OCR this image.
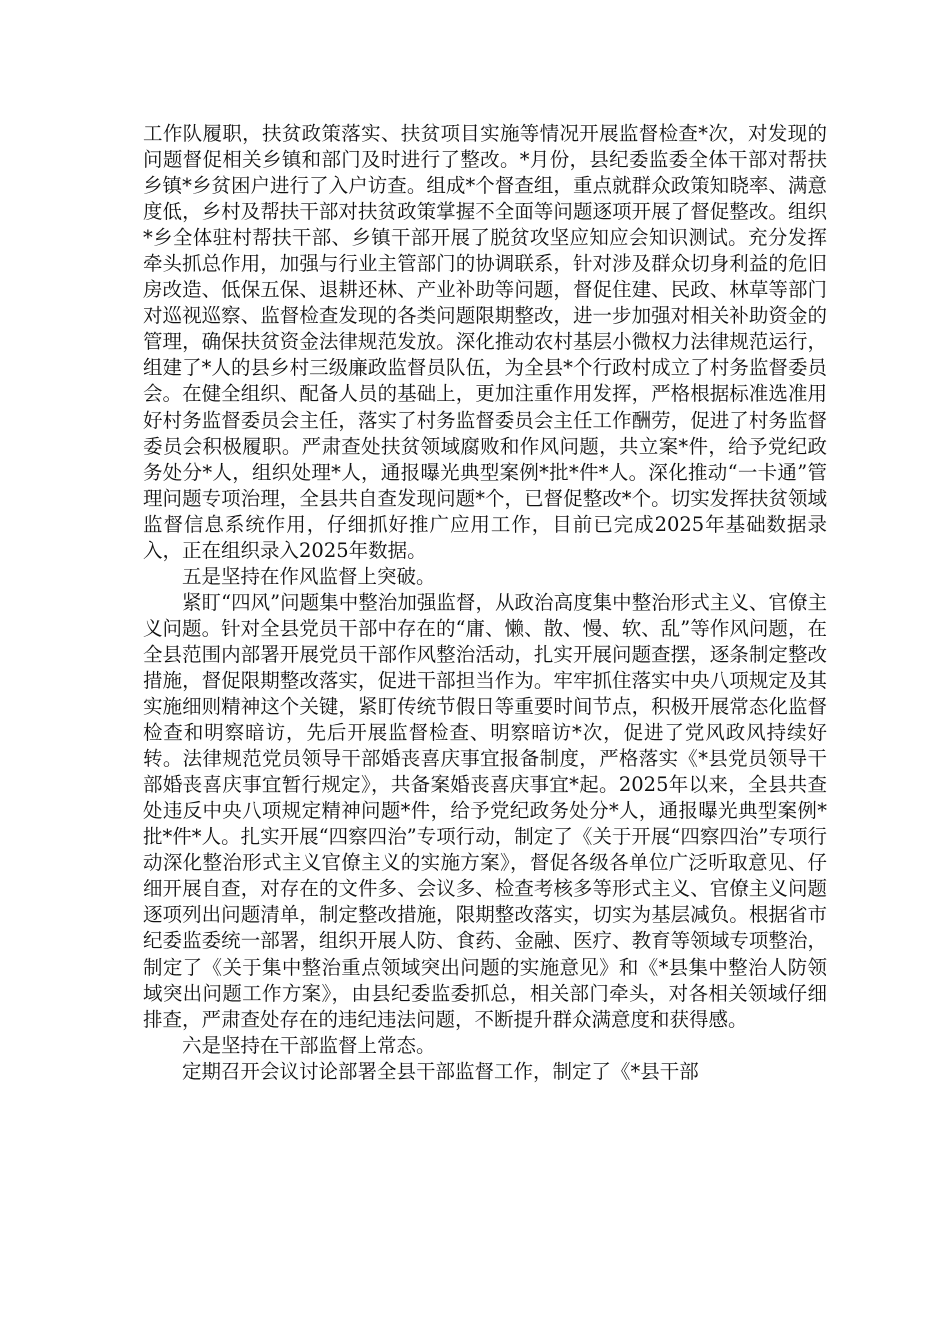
工作队履职，扶贫政策落实、扶贫项目实施等情况开展监督检查*次，对发现的问题督促相关乡镇和部门及时进行了整改。*月份，县纪委监委全体干部对帮扶乡镇*乡贫困户进行了入户访查。组成*个督查组，重点就群众政策知晓率、满意度低，乡村及帮扶干部对扶贫政策掌握不全面等问题逐项开展了督促整改。组织*乡全体驻村帮扶干部、乡镇干部开展了脱贫攻坚应知应会知识测试。充分发挥牵头抓总作用，加强与行业主管部门的协调联系，针对涉及群众切身利益的危旧房改造、低保五保、退耕还林、产业补助等问题，督促住建、民政、林草等部门对巡视巡察、监督检查发现的各类问题限期整改，进一步加强对相关补助资金的管理，确保扶贫资金法律规范发放。深化推动农村基层小微权力法律规范运行，组建了*人的县乡村三级廉政监督员队伍，为全县*个行政村成立了村务监督委员会。在健全组织、配备人员的基础上，更加注重作用发挥，严格根据标准选准用好村务监督委员会主任，落实了村务监督委员会主任工作酬劳，促进了村务监督委员会积极履职。严肃查处扶贫领域腐败和作风问题，共立案*件，给予党纪政务处分*人，组织处理*人，通报曝光典型案例*批*件*人。深化推动“一卡通”管理问题专项治理，全县共自查发现问题*个，已督促整改*个。切实发挥扶贫领域监督信息系统作用，仔细抓好推广应用工作，目前已完成2025年基础数据录入，正在组织录入2025年数据。

五是坚持在作风监督上突破。

紧盯“四风”问题集中整治加强监督，从政治高度集中整治形式主义、官僚主义问题。针对全县党员干部中存在的“庸、懒、散、慢、软、乱”等作风问题，在全县范围内部署开展党员干部作风整治活动，扎实开展问题查摆，逐条制定整改措施，督促限期整改落实，促进干部担当作为。牢牢抓住落实中央八项规定及其实施细则精神这个关键，紧盯传统节假日等重要时间节点，积极开展常态化监督检查和明察暗访，先后开展监督检查、明察暗访*次，促进了党风政风持续好转。法律规范党员领导干部婚丧喜庆事宜报备制度，严格落实《*县党员领导干部婚丧喜庆事宜暂行规定》，共备案婚丧喜庆事宜*起。2025年以来，全县共查处违反中央八项规定精神问题*件，给予党纪政务处分*人，通报曝光典型案例*批*件*人。扎实开展“四察四治”专项行动，制定了《关于开展“四察四治”专项行动深化整治形式主义官僚主义的实施方案》，督促各级各单位广泛听取意见、仔细开展自查，对存在的文件多、会议多、检查考核多等形式主义、官僚主义问题逐项列出问题清单，制定整改措施，限期整改落实，切实为基层减负。根据省市纪委监委统一部署，组织开展人防、食药、金融、医疗、教育等领域专项整治，制定了《关于集中整治重点领域突出问题的实施意见》和《*县集中整治人防领域突出问题工作方案》，由县纪委监委抓总，相关部门牵头，对各相关领域仔细排查，严肃查处存在的违纪违法问题，不断提升群众满意度和获得感。

六是坚持在干部监督上常态。

定期召开会议讨论部署全县干部监督工作，制定了《*县干部
